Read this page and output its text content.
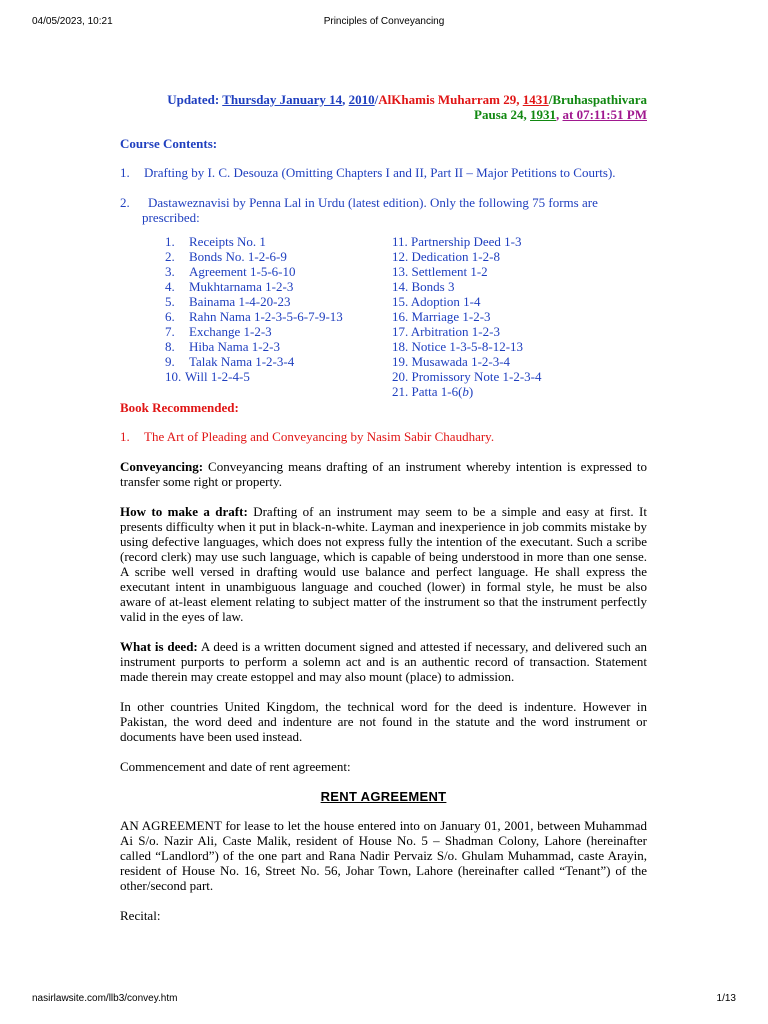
04/05/2023, 10:21	Principles of Conveyancing
Updated: Thursday January 14, 2010/AlKhamis Muharram 29, 1431/Bruhaspathivara
Pausa 24, 1931, at 07:11:51 PM
Course Contents:
1. Drafting by I. C. Desouza (Omitting Chapters I and II, Part II – Major Petitions to Courts).
2. Dastaweznavisi by Penna Lal in Urdu (latest edition). Only the following 75 forms are
prescribed:
1. Receipts No. 1
2. Bonds No. 1-2-6-9
3. Agreement 1-5-6-10
4. Mukhtarnama 1-2-3
5. Bainama 1-4-20-23
6. Rahn Nama 1-2-3-5-6-7-9-13
7. Exchange 1-2-3
8. Hiba Nama 1-2-3
9. Talak Nama 1-2-3-4
10. Will 1-2-4-5
11. Partnership Deed 1-3
12. Dedication 1-2-8
13. Settlement 1-2
14. Bonds 3
15. Adoption 1-4
16. Marriage 1-2-3
17. Arbitration 1-2-3
18. Notice 1-3-5-8-12-13
19. Musawada 1-2-3-4
20. Promissory Note 1-2-3-4
21. Patta 1-6(b)
Book Recommended:
1. The Art of Pleading and Conveyancing by Nasim Sabir Chaudhary.

Conveyancing: Conveyancing means drafting of an instrument whereby intention is expressed to transfer some right or property.

How to make a draft: Drafting of an instrument may seem to be a simple and easy at first. It presents difficulty when it put in black-n-white. Layman and inexperience in job commits mistake by using defective languages, which does not express fully the intention of the executant. Such a scribe (record clerk) may use such language, which is capable of being understood in more than one sense. A scribe well versed in drafting would use balance and perfect language. He shall express the executant intent in unambiguous language and couched (lower) in formal style, he must be also aware of at-least element relating to subject matter of the instrument so that the instrument perfectly valid in the eyes of law.

What is deed: A deed is a written document signed and attested if necessary, and delivered such an instrument purports to perform a solemn act and is an authentic record of transaction. Statement made therein may create estoppel and may also mount (place) to admission.

In other countries United Kingdom, the technical word for the deed is indenture. However in Pakistan, the word deed and indenture are not found in the statute and the word instrument or documents have been used instead.

Commencement and date of rent agreement:

RENT AGREEMENT

AN AGREEMENT for lease to let the house entered into on January 01, 2001, between Muhammad Ai S/o. Nazir Ali, Caste Malik, resident of House No. 5 – Shadman Colony, Lahore (hereinafter called “Landlord”) of the one part and Rana Nadir Pervaiz S/o. Ghulam Muhammad, caste Arayin, resident of House No. 16, Street No. 56, Johar Town, Lahore (hereinafter called “Tenant”) of the other/second part.

Recital:

nasirlawsite.com/llb3/convey.htm	1/13
